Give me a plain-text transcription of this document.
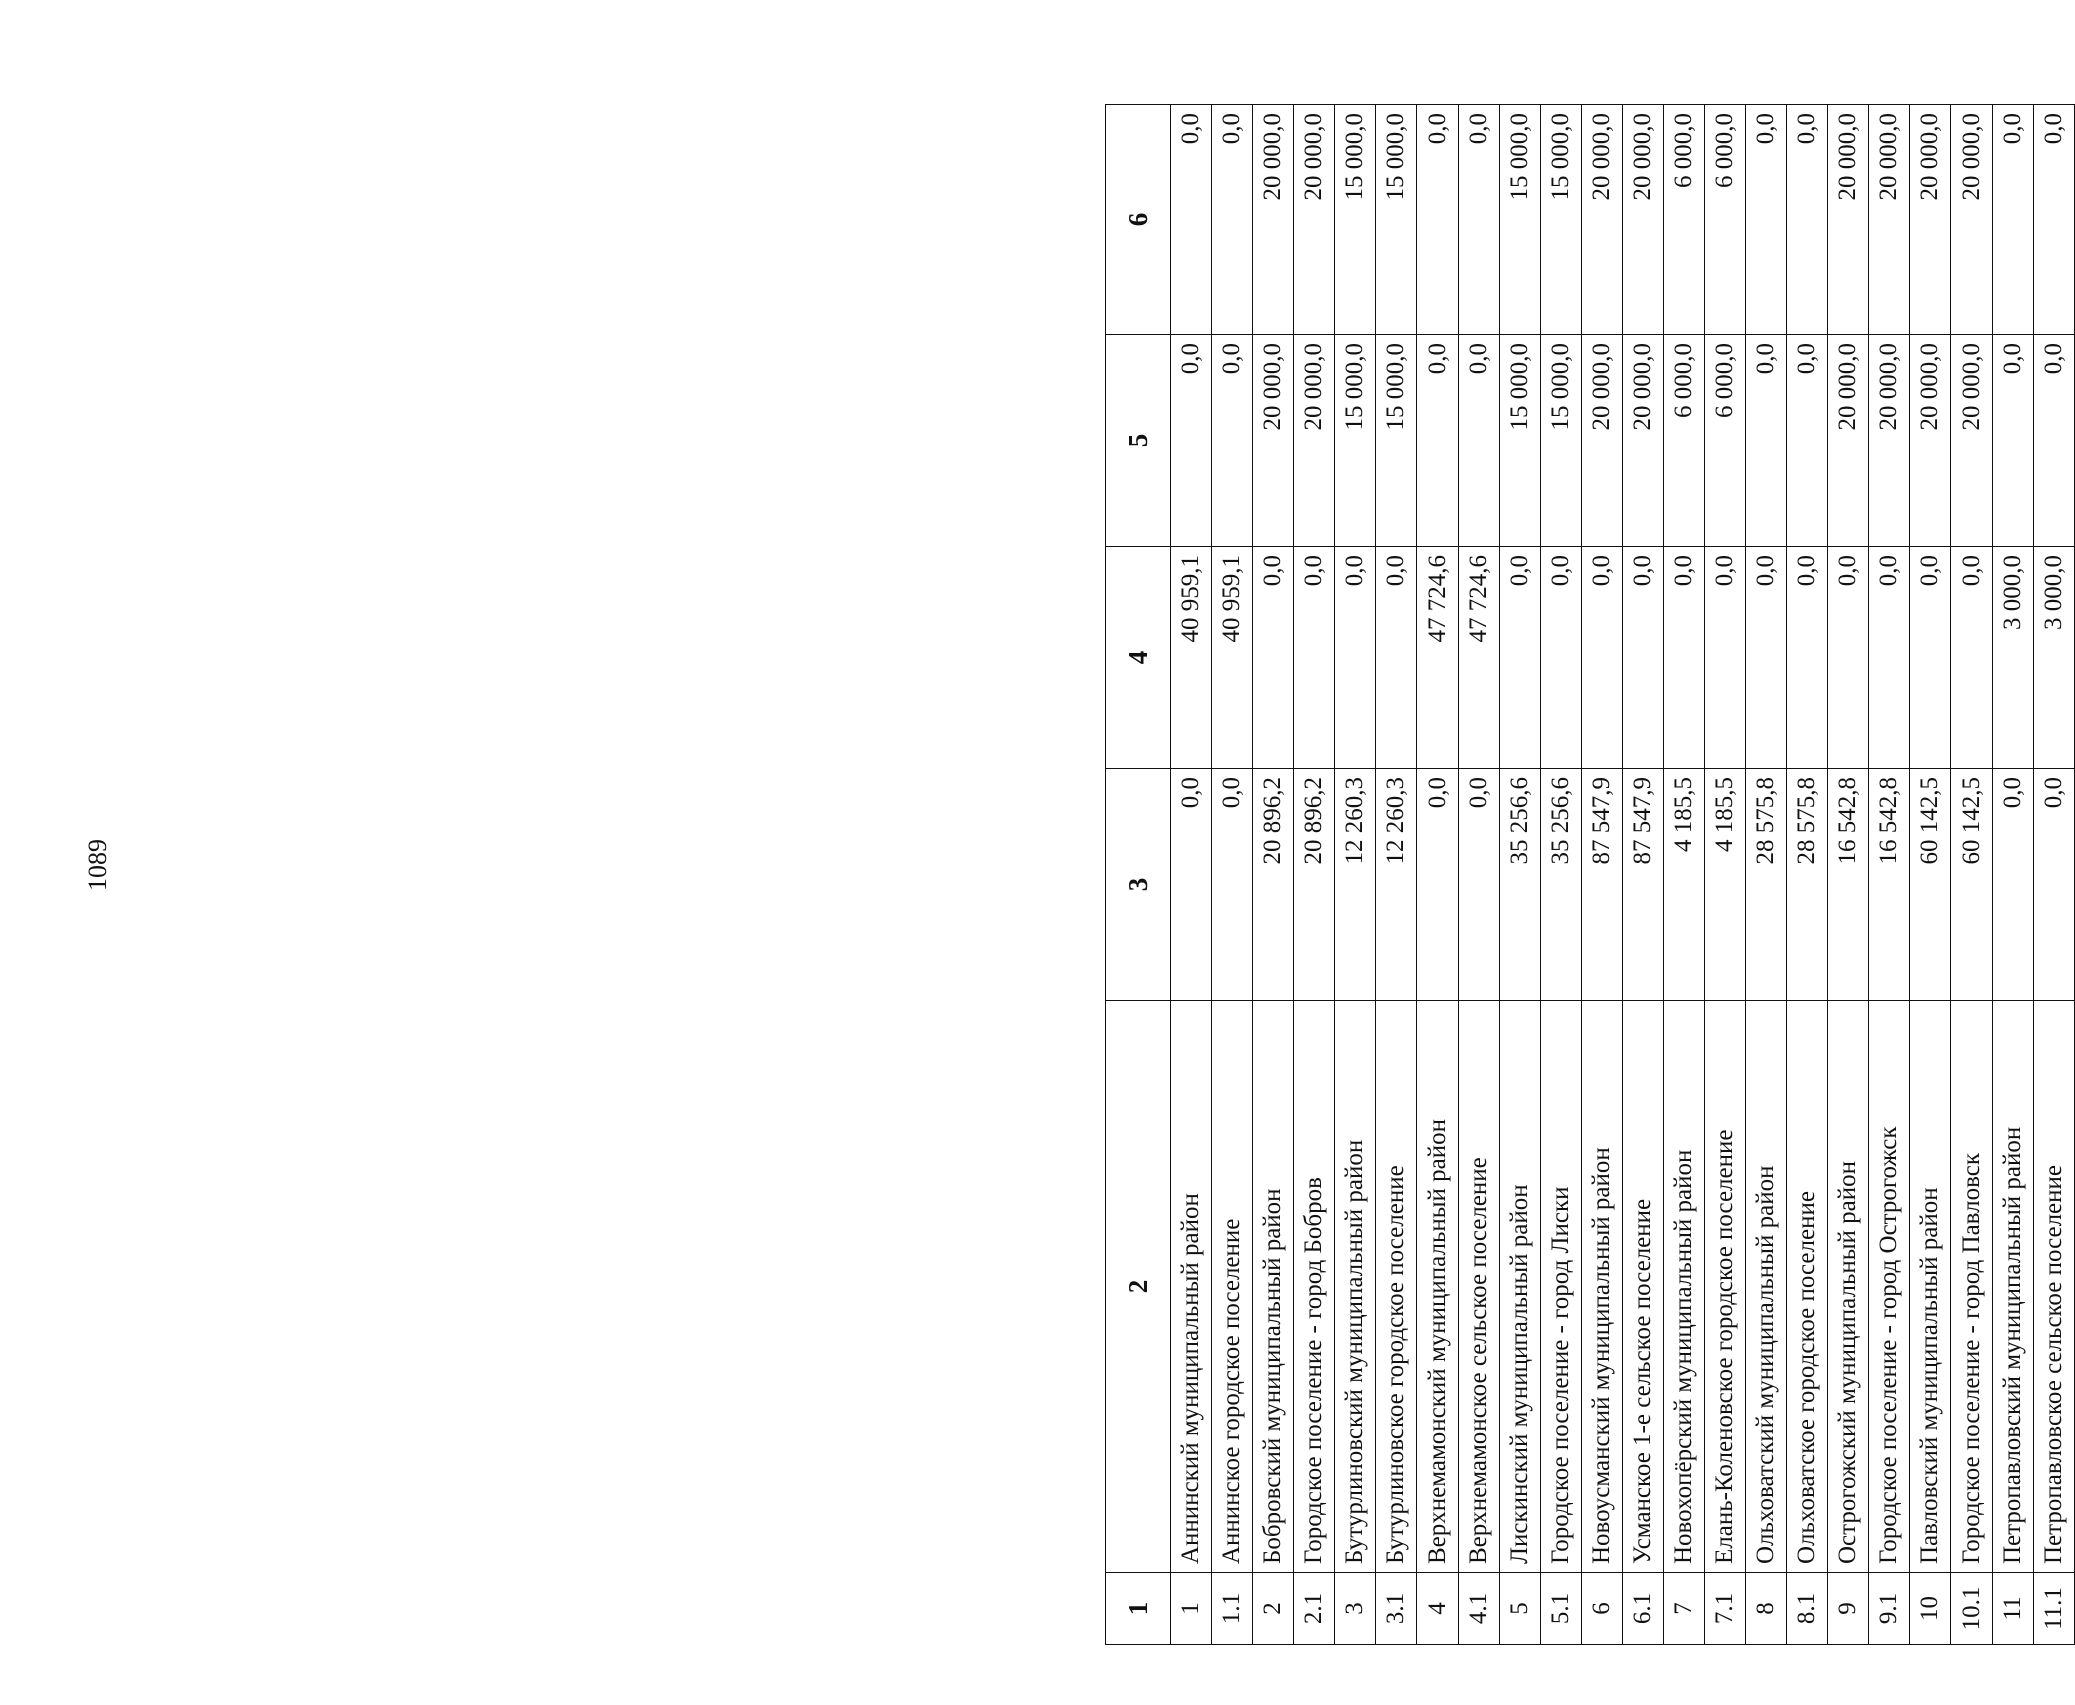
1089
1	2	3	4	5	6
1	Аннинский муниципальный район	0,0	40 959,1	0,0	0,0
1.1	Аннинское городское поселение	0,0	40 959,1	0,0	0,0
2	Бобровский муниципальный район	20 896,2	0,0	20 000,0	20 000,0
2.1	Городское поселение - город Бобров	20 896,2	0,0	20 000,0	20 000,0
3	Бутурлиновский муниципальный район	12 260,3	0,0	15 000,0	15 000,0
3.1	Бутурлиновское городское поселение	12 260,3	0,0	15 000,0	15 000,0
4	Верхнемамонский муниципальный район	0,0	47 724,6	0,0	0,0
4.1	Верхнемамонское сельское поселение	0,0	47 724,6	0,0	0,0
5	Лискинский муниципальный район	35 256,6	0,0	15 000,0	15 000,0
5.1	Городское поселение - город Лиски	35 256,6	0,0	15 000,0	15 000,0
6	Новоусманский муниципальный район	87 547,9	0,0	20 000,0	20 000,0
6.1	Усманское 1-е сельское поселение	87 547,9	0,0	20 000,0	20 000,0
7	Новохопёрский муниципальный район	4 185,5	0,0	6 000,0	6 000,0
7.1	Елань-Коленовское городское поселение	4 185,5	0,0	6 000,0	6 000,0
8	Ольховатский муниципальный район	28 575,8	0,0	0,0	0,0
8.1	Ольховатское городское поселение	28 575,8	0,0	0,0	0,0
9	Острогожский муниципальный район	16 542,8	0,0	20 000,0	20 000,0
9.1	Городское поселение - город Острогожск	16 542,8	0,0	20 000,0	20 000,0
10	Павловский муниципальный район	60 142,5	0,0	20 000,0	20 000,0
10.1	Городское поселение - город Павловск	60 142,5	0,0	20 000,0	20 000,0
11	Петропавловский муниципальный район	0,0	3 000,0	0,0	0,0
11.1	Петропавловское сельское поселение	0,0	3 000,0	0,0	0,0
